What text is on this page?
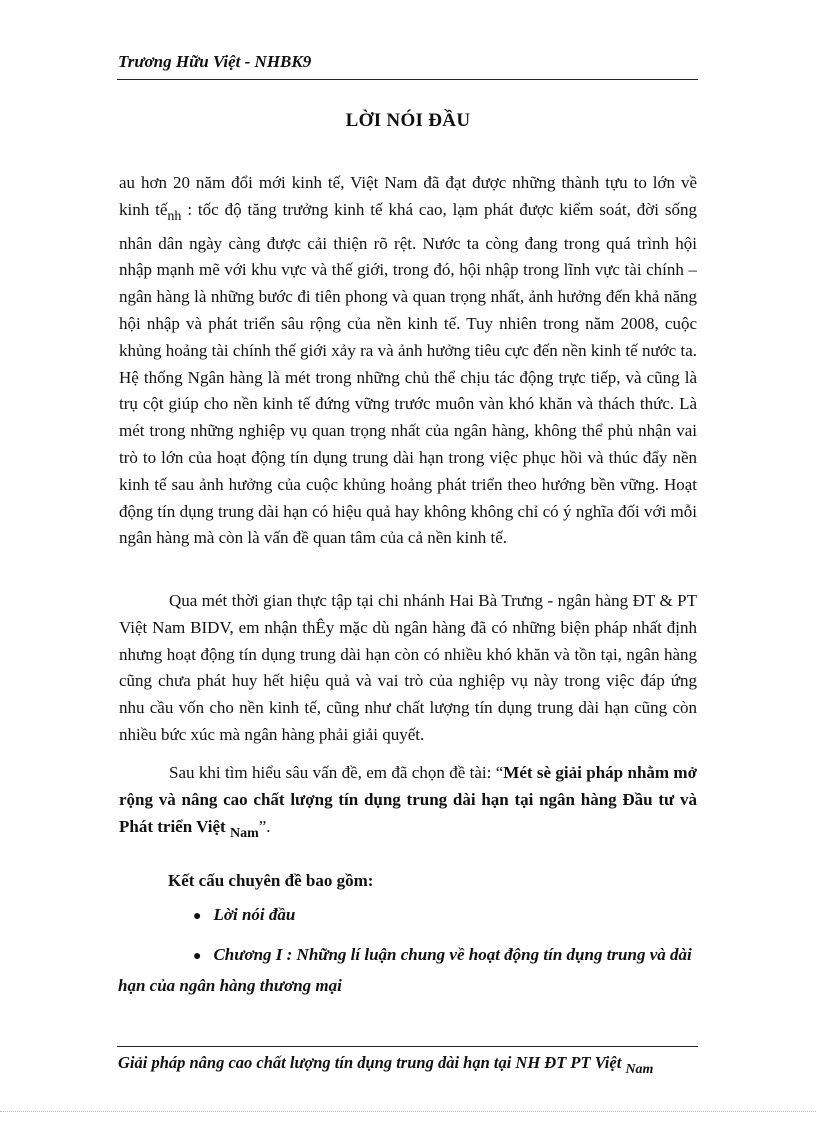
Trương Hữu Việt - NHBK9
LỜI NÓI ĐẦU
au hơn 20 năm đổi mới kinh tế, Việt Nam đã đạt được những thành tựu to lớn về kinh tế$_{nh}$ : tốc độ tăng trưởng kinh tế khá cao, lạm phát được kiểm soát, đời sống nhân dân ngày càng được cải thiện rõ rệt. Nước ta còng đang trong quá trình hội nhập mạnh mẽ với khu vực và thế giới, trong đó, hội nhập trong lĩnh vực tài chính – ngân hàng là những bước đi tiên phong và quan trọng nhất, ảnh hưởng đến khả năng hội nhập và phát triển sâu rộng của nền kinh tế. Tuy nhiên trong năm 2008, cuộc khủng hoảng tài chính thế giới xảy ra và ảnh hưởng tiêu cực đến nền kinh tế nước ta. Hệ thống Ngân hàng là mét trong những chủ thể chịu tác động trực tiếp, và cũng là trụ cột giúp cho nền kinh tế đứng vững trước muôn vàn khó khăn và thách thức. Là mét trong những nghiệp vụ quan trọng nhất của ngân hàng, không thể phủ nhận vai trò to lớn của hoạt động tín dụng trung dài hạn trong việc phục hồi và thúc đẩy nền kinh tế sau ảnh hưởng của cuộc khủng hoảng phát triển theo hướng bền vững. Hoạt động tín dụng trung dài hạn có hiệu quả hay không không chỉ có ý nghĩa đối với mỗi ngân hàng mà còn là vấn đề quan tâm của cả nền kinh tế.
Qua mét thời gian thực tập tại chi nhánh Hai Bà Trưng - ngân hàng ĐT & PT Việt Nam BIDV, em nhận thÊy mặc dù ngân hàng đã có những biện pháp nhất định nhưng hoạt động tín dụng trung dài hạn còn có nhiều khó khăn và tồn tại, ngân hàng cũng chưa phát huy hết hiệu quả và vai trò của nghiệp vụ này trong việc đáp ứng nhu cầu vốn cho nền kinh tế, cũng như chất lượng tín dụng trung dài hạn cũng còn nhiều bức xúc mà ngân hàng phải giải quyết.
Sau khi tìm hiểu sâu vấn đề, em đã chọn đề tài: “Mét sè giải pháp nhằm mở rộng và nâng cao chất lượng tín dụng trung dài hạn tại ngân hàng Đầu tư và Phát triển Việt $_{Nam}$”.
Kết cấu chuyên đề bao gồm:
● Lời nói đầu
● Chương I : Những lí luận chung về hoạt động tín dụng trung và dài hạn của ngân hàng thương mại
Giải pháp nâng cao chất lượng tín dụng trung dài hạn tại NH ĐT PT Việt $_{Nam}$
